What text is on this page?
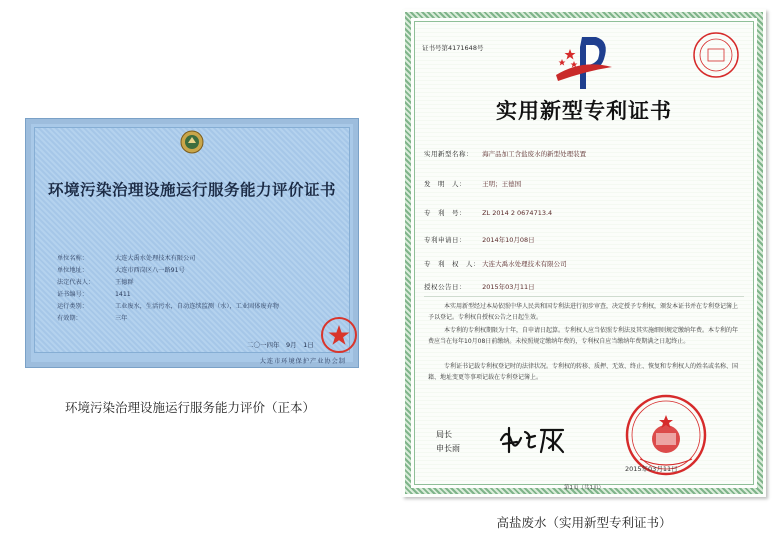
环境污染治理设施运行服务能力评价证书
单位名称：	大连大禹水处理技术有限公司
单位地址：	大连市西岗区八一路91号
法定代表人：	王德群
证书编号：	1411
运行类别：	工业废水，生活污水，自动连续监测（水），工业固体废弃物
有效期：	三年
二〇一四年　9月　1日
大连市环境保护产业协会制
环境污染治理设施运行服务能力评价（正本）
证书号第4171648号
实用新型专利证书
实用新型名称： 海产品加工含盐废水的新型处理装置
发　明　人： 王明；王德国
专　利　号： ZL 2014 2 0674713.4
专利申请日： 2014年10月08日
专　利　权　人： 大连大禹水处理技术有限公司
授权公告日： 2015年03月11日
本实用新型经过本局依照中华人民共和国专利法进行初步审查，决定授予专利权，颁发本证书并在专利登记簿上予以登记。专利权自授权公告之日起生效。
本专利的专利权期限为十年，自申请日起算。专利权人应当依照专利法及其实施细则规定缴纳年费。本专利的年费应当在每年10月08日前缴纳。未按照规定缴纳年费的，专利权自应当缴纳年费期满之日起终止。
专利证书记载专利权登记时的法律状况。专利权的转移、质押、无效、终止、恢复和专利权人的姓名或名称、国籍、地址变更等事项记载在专利登记簿上。
局长
申长雨
2015年03月11日
第1页（共1页）
高盐废水（实用新型专利证书）
